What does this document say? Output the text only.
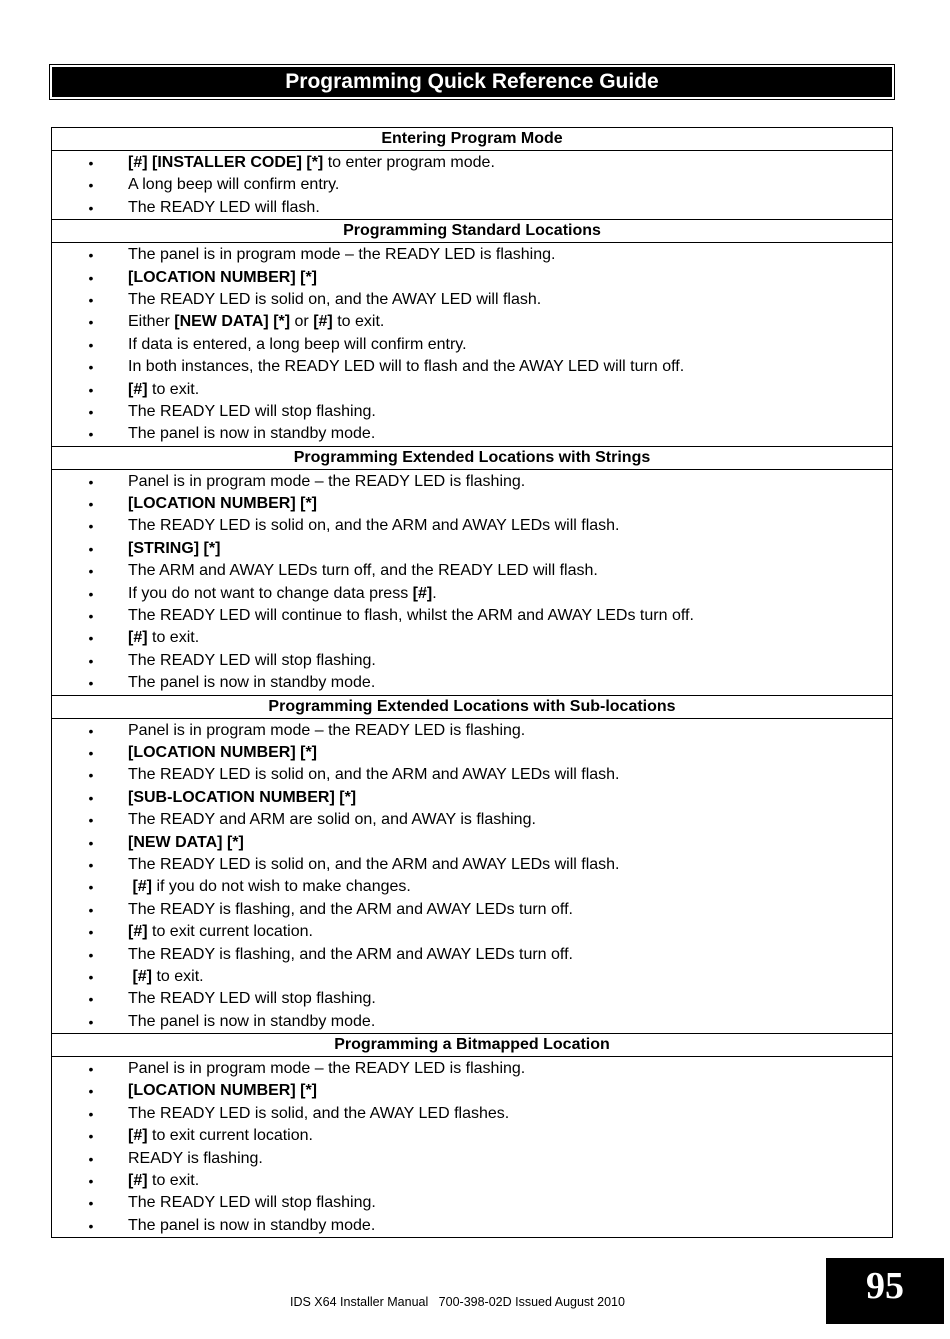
Programming Quick Reference Guide
Entering Program Mode
• [#] [INSTALLER CODE] [*] to enter program mode.
• A long beep will confirm entry.
• The READY LED will flash.
Programming Standard Locations
• The panel is in program mode – the READY LED is flashing.
• [LOCATION NUMBER] [*]
• The READY LED is solid on, and the AWAY LED will flash.
• Either [NEW DATA] [*] or [#] to exit.
• If data is entered, a long beep will confirm entry.
• In both instances, the READY LED will to flash and the AWAY LED will turn off.
• [#] to exit.
• The READY LED will stop flashing.
• The panel is now in standby mode.
Programming Extended Locations with Strings
• Panel is in program mode – the READY LED is flashing.
• [LOCATION NUMBER] [*]
• The READY LED is solid on, and the ARM and AWAY LEDs will flash.
• [STRING] [*]
• The ARM and AWAY LEDs turn off, and the READY LED will flash.
• If you do not want to change data press [#].
• The READY LED will continue to flash, whilst the ARM and AWAY LEDs turn off.
• [#] to exit.
• The READY LED will stop flashing.
• The panel is now in standby mode.
Programming Extended Locations with Sub-locations
• Panel is in program mode – the READY LED is flashing.
• [LOCATION NUMBER] [*]
• The READY LED is solid on, and the ARM and AWAY LEDs will flash.
• [SUB-LOCATION NUMBER] [*]
• The READY and ARM are solid on, and AWAY is flashing.
• [NEW DATA] [*]
• The READY LED is solid on, and the ARM and AWAY LEDs will flash.
• [#] if you do not wish to make changes.
• The READY is flashing, and the ARM and AWAY LEDs turn off.
• [#] to exit current location.
• The READY is flashing, and the ARM and AWAY LEDs turn off.
• [#] to exit.
• The READY LED will stop flashing.
• The panel is now in standby mode.
Programming a Bitmapped Location
• Panel is in program mode – the READY LED is flashing.
• [LOCATION NUMBER] [*]
• The READY LED is solid, and the AWAY LED flashes.
• [#] to exit current location.
• READY is flashing.
• [#] to exit.
• The READY LED will stop flashing.
• The panel is now in standby mode.
IDS X64 Installer Manual   700-398-02D Issued August 2010	95
